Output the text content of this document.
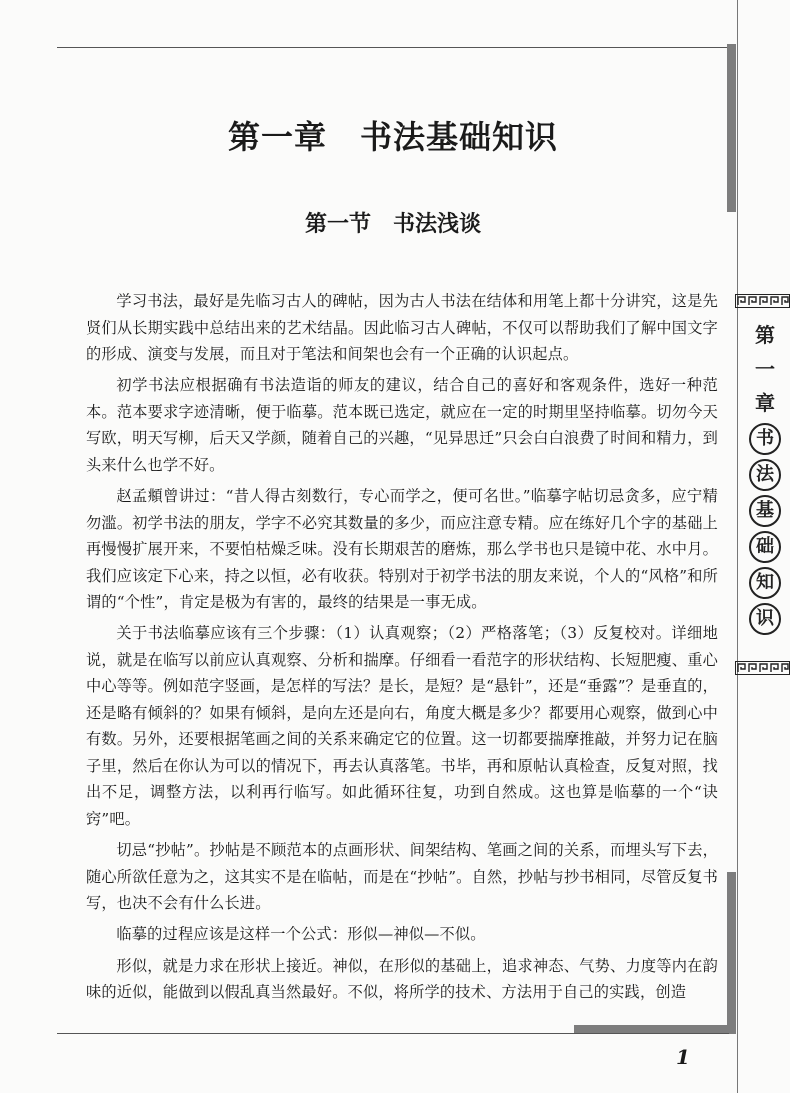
第
一
章
书
法
基
础
知
识
第一章　书法基础知识
第一节　书法浅谈

学习书法，最好是先临习古人的碑帖，因为古人书法在结体和用笔上都十分讲究，这是先贤们从长期实践中总结出来的艺术结晶。因此临习古人碑帖，不仅可以帮助我们了解中国文字的形成、演变与发展，而且对于笔法和间架也会有一个正确的认识起点。

初学书法应根据确有书法造诣的师友的建议，结合自己的喜好和客观条件，选好一种范本。范本要求字迹清晰，便于临摹。范本既已选定，就应在一定的时期里坚持临摹。切勿今天写欧，明天写柳，后天又学颜，随着自己的兴趣，“见异思迁”只会白白浪费了时间和精力，到头来什么也学不好。

赵孟頫曾讲过：“昔人得古刻数行，专心而学之，便可名世。”临摹字帖切忌贪多，应宁精勿滥。初学书法的朋友，学字不必究其数量的多少，而应注意专精。应在练好几个字的基础上再慢慢扩展开来，不要怕枯燥乏味。没有长期艰苦的磨炼，那么学书也只是镜中花、水中月。我们应该定下心来，持之以恒，必有收获。特别对于初学书法的朋友来说，个人的“风格”和所谓的“个性”，肯定是极为有害的，最终的结果是一事无成。

关于书法临摹应该有三个步骤：（1）认真观察；（2）严格落笔；（3）反复校对。详细地说，就是在临写以前应认真观察、分析和揣摩。仔细看一看范字的形状结构、长短肥瘦、重心中心等等。例如范字竖画，是怎样的写法？是长，是短？是“悬针”，还是“垂露”？是垂直的，还是略有倾斜的？如果有倾斜，是向左还是向右，角度大概是多少？都要用心观察，做到心中有数。另外，还要根据笔画之间的关系来确定它的位置。这一切都要揣摩推敲，并努力记在脑子里，然后在你认为可以的情况下，再去认真落笔。书毕，再和原帖认真检查，反复对照，找出不足，调整方法，以利再行临写。如此循环往复，功到自然成。这也算是临摹的一个“诀窍”吧。

切忌“抄帖”。抄帖是不顾范本的点画形状、间架结构、笔画之间的关系，而埋头写下去，随心所欲任意为之，这其实不是在临帖，而是在“抄帖”。自然，抄帖与抄书相同，尽管反复书写，也决不会有什么长进。

临摹的过程应该是这样一个公式：形似—神似—不似。

形似，就是力求在形状上接近。神似，在形似的基础上，追求神态、气势、力度等内在韵味的近似，能做到以假乱真当然最好。不似，将所学的技术、方法用于自己的实践，创造

1
